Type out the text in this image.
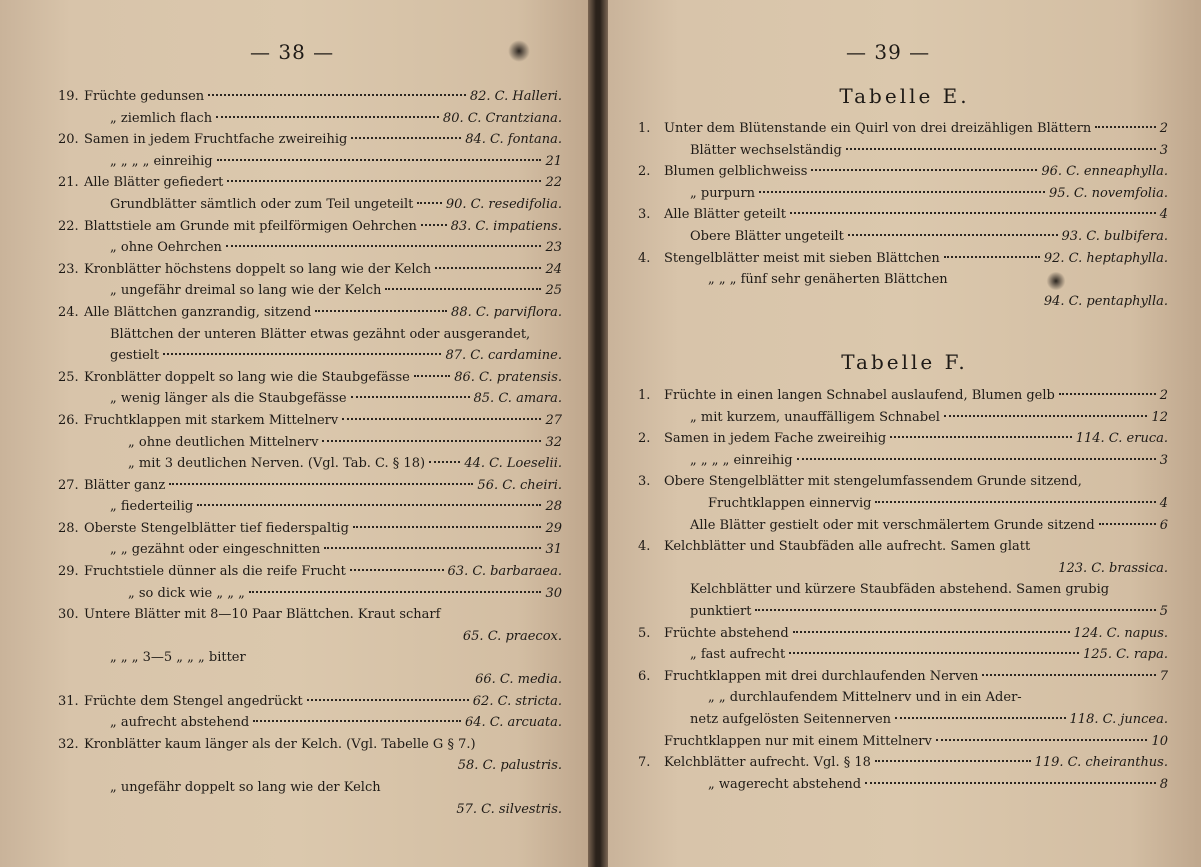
— 38 —
19. Früchte gedunsen	82. C. Halleri.
„ ziemlich flach	80. C. Crantziana.
20. Samen in jedem Fruchtfache zweireihig	84. C. fontana.
„ „ „ „ einreihig	21
21. Alle Blätter gefiedert	22
Grundblätter sämtlich oder zum Teil ungeteilt 90. C. resedifolia.
22. Blattstiele am Grunde mit pfeilförmigen Oehrchen	83. C. impatiens.
„ ohne Oehrchen	23
23. Kronblätter höchstens doppelt so lang wie der Kelch	24
„ ungefähr dreimal so lang wie der Kelch	25
24. Alle Blättchen ganzrandig, sitzend	88. C. parviflora.
Blättchen der unteren Blätter etwas gezähnt oder ausgerandet,
gestielt	87. C. cardamine.
25. Kronblätter doppelt so lang wie die Staubgefässe	86. C. pratensis.
„ wenig länger als die Staubgefässe	85. C. amara.
26. Fruchtklappen mit starkem Mittelnerv	27
„ ohne deutlichen Mittelnerv	32
„ mit 3 deutlichen Nerven. (Vgl. Tab. C. § 18)	44. C. Loeselii.
27. Blätter ganz	56. C. cheiri.
„ fiederteilig	28
28. Oberste Stengelblätter tief fiederspaltig	29
„ „ gezähnt oder eingeschnitten	31
29. Fruchtstiele dünner als die reife Frucht	63. C. barbaraea.
„ so dick wie „ „ „	30
30. Untere Blätter mit 8—10 Paar Blättchen. Kraut scharf
65. C. praecox.
„ „ „ 3—5 „ „ „ bitter
66. C. media.
31. Früchte dem Stengel angedrückt	62. C. stricta.
„ aufrecht abstehend	64. C. arcuata.
32. Kronblätter kaum länger als der Kelch. (Vgl. Tabelle G § 7.)
58. C. palustris.
„ ungefähr doppelt so lang wie der Kelch
57. C. silvestris.
— 39 —
Tabelle E.
1.	Unter dem Blütenstande ein Quirl von drei dreizähligen Blättern	2
Blätter wechselständig	3
2.	Blumen gelblichweiss	96. C. enneaphylla.
„ purpurn	95. C. novemfolia.
3.	Alle Blätter geteilt	4
Obere Blätter ungeteilt	93. C. bulbifera.
4.	Stengelblätter meist mit sieben Blättchen	92. C. heptaphylla.
„ „ „ fünf sehr genäherten Blättchen
94. C. pentaphylla.
Tabelle F.
1.	Früchte in einen langen Schnabel auslaufend, Blumen gelb	2
„ mit kurzem, unauffälligem Schnabel	12
2.	Samen in jedem Fache zweireihig	114. C. eruca.
„ „ „ „ einreihig	3
3.	Obere Stengelblätter mit stengelumfassendem Grunde sitzend,
Fruchtklappen einnervig	4
Alle Blätter gestielt oder mit verschmälertem Grunde sitzend	6
4.	Kelchblätter und Staubfäden alle aufrecht. Samen glatt
123. C. brassica.
Kelchblätter und kürzere Staubfäden abstehend. Samen grubig
punktiert	5
5.	Früchte abstehend	124. C. napus.
„ fast aufrecht	125. C. rapa.
6.	Fruchtklappen mit drei durchlaufenden Nerven	7
„ „ durchlaufendem Mittelnerv und in ein Ader-
netz aufgelösten Seitennerven	118. C. juncea.
Fruchtklappen nur mit einem Mittelnerv	10
7.	Kelchblätter aufrecht. Vgl. § 18	119. C. cheiranthus.
„ wagerecht abstehend	8
